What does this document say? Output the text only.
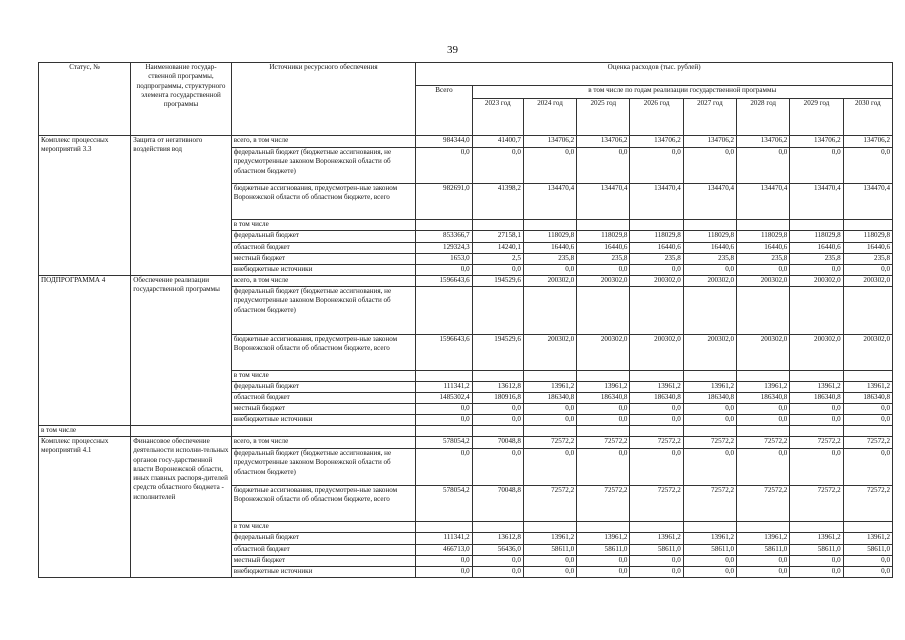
39
Статус, №	Наименование государ-ственной программы, подпрограммы, структурного элемента государственной программы	Источники ресурсного обеспечения	Оценка расходов (тыс. рублей)								
			Всего	в том числе по годам реализации государственной программы							
				2023 год	2024 год	2025 год	2026 год	2027 год	2028 год	2029 год	2030 год
Комплекс процессных мероприятий 3.3	Защита от негативного воздействия вод	всего, в том числе	984344,0	41400,7	134706,2	134706,2	134706,2	134706,2	134706,2	134706,2	134706,2
		федеральный бюджет (бюджетные ассигнования, не предусмотренные законом Воронежской области об областном бюджете)	0,0	0,0	0,0	0,0	0,0	0,0	0,0	0,0	0,0
		бюджетные ассигнования, предусмотрен-ные законом Воронежской области об областном бюджете, всего	982691,0	41398,2	134470,4	134470,4	134470,4	134470,4	134470,4	134470,4	134470,4
		в том числе									
		федеральный бюджет	853366,7	27158,1	118029,8	118029,8	118029,8	118029,8	118029,8	118029,8	118029,8
		областной бюджет	129324,3	14240,1	16440,6	16440,6	16440,6	16440,6	16440,6	16440,6	16440,6
		местный бюджет	1653,0	2,5	235,8	235,8	235,8	235,8	235,8	235,8	235,8
		внебюджетные источники	0,0	0,0	0,0	0,0	0,0	0,0	0,0	0,0	0,0
ПОДПРОГРАММА 4	Обеспечение реализации государственной программы	всего, в том числе	1596643,6	194529,6	200302,0	200302,0	200302,0	200302,0	200302,0	200302,0	200302,0
		федеральный бюджет (бюджетные ассигнования, не предусмотренные законом Воронежской области об областном бюджете)									
		бюджетные ассигнования, предусмотрен-ные законом Воронежской области об областном бюджете, всего	1596643,6	194529,6	200302,0	200302,0	200302,0	200302,0	200302,0	200302,0	200302,0
		в том числе									
		федеральный бюджет	111341,2	13612,8	13961,2	13961,2	13961,2	13961,2	13961,2	13961,2	13961,2
		областной бюджет	1485302,4	180916,8	186340,8	186340,8	186340,8	186340,8	186340,8	186340,8	186340,8
		местный бюджет	0,0	0,0	0,0	0,0	0,0	0,0	0,0	0,0	0,0
		внебюджетные источники	0,0	0,0	0,0	0,0	0,0	0,0	0,0	0,0	0,0
в том числе											
Комплекс процессных мероприятий 4.1	Финансовое обеспечение деятельности исполни-тельных органов госу-дарственной власти Воронежской области, иных главных распоря-дителей средств областного бюджета - исполнителей	всего, в том числе	578054,2	70048,8	72572,2	72572,2	72572,2	72572,2	72572,2	72572,2	72572,2
		федеральный бюджет (бюджетные ассигнования, не предусмотренные законом Воронежской области об областном бюджете)	0,0	0,0	0,0	0,0	0,0	0,0	0,0	0,0	0,0
		бюджетные ассигнования, предусмотрен-ные законом Воронежской области об областном бюджете, всего	578054,2	70048,8	72572,2	72572,2	72572,2	72572,2	72572,2	72572,2	72572,2
		в том числе									
		федеральный бюджет	111341,2	13612,8	13961,2	13961,2	13961,2	13961,2	13961,2	13961,2	13961,2
		областной бюджет	466713,0	56436,0	58611,0	58611,0	58611,0	58611,0	58611,0	58611,0	58611,0
		местный бюджет	0,0	0,0	0,0	0,0	0,0	0,0	0,0	0,0	0,0
		внебюджетные источники	0,0	0,0	0,0	0,0	0,0	0,0	0,0	0,0	0,0
